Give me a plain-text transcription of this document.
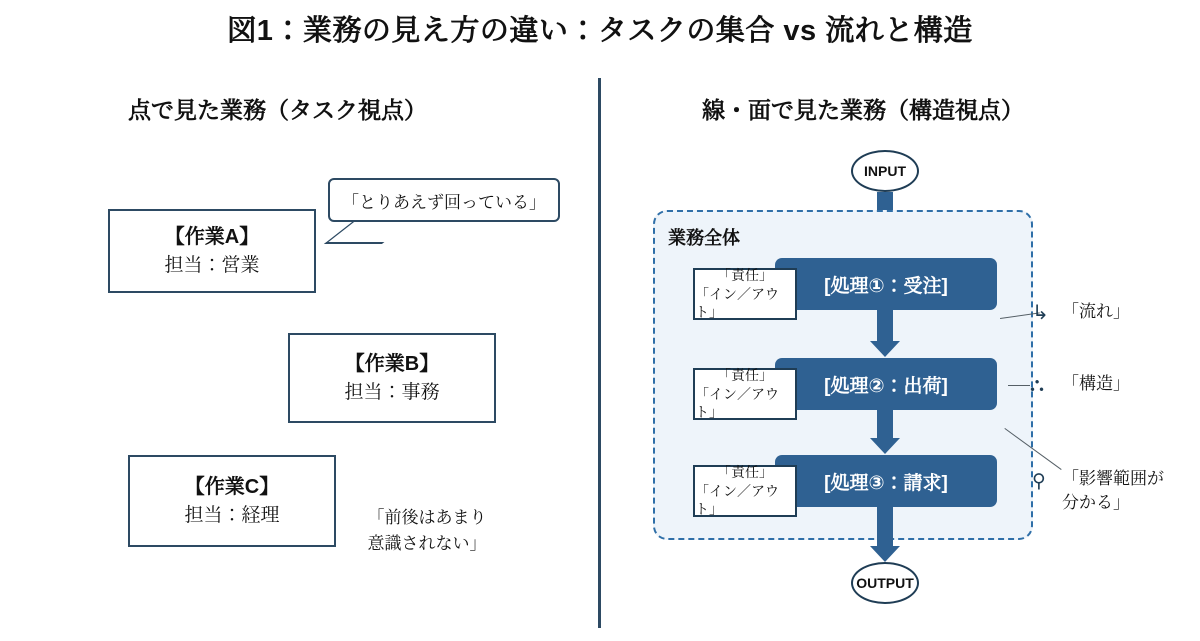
図1：業務の見え方の違い：タスクの集合 vs 流れと構造
点で見た業務（タスク視点）	線・面で見た業務（構造視点）
【作業A】
担当：営業
【作業B】
担当：事務
【作業C】
担当：経理
「とりあえず回っている」
「前後はあまり
意識されない」
INPUT
業務全体
[処理①：受注]
「責任」
「イン／アウト」
[処理②：出荷]
「責任」
「イン／アウト」
[処理③：請求]
「責任」
「イン／アウト」
OUTPUT
↳ 「流れ」
⛬ 「構造」
⚲ 「影響範囲が
分かる」
